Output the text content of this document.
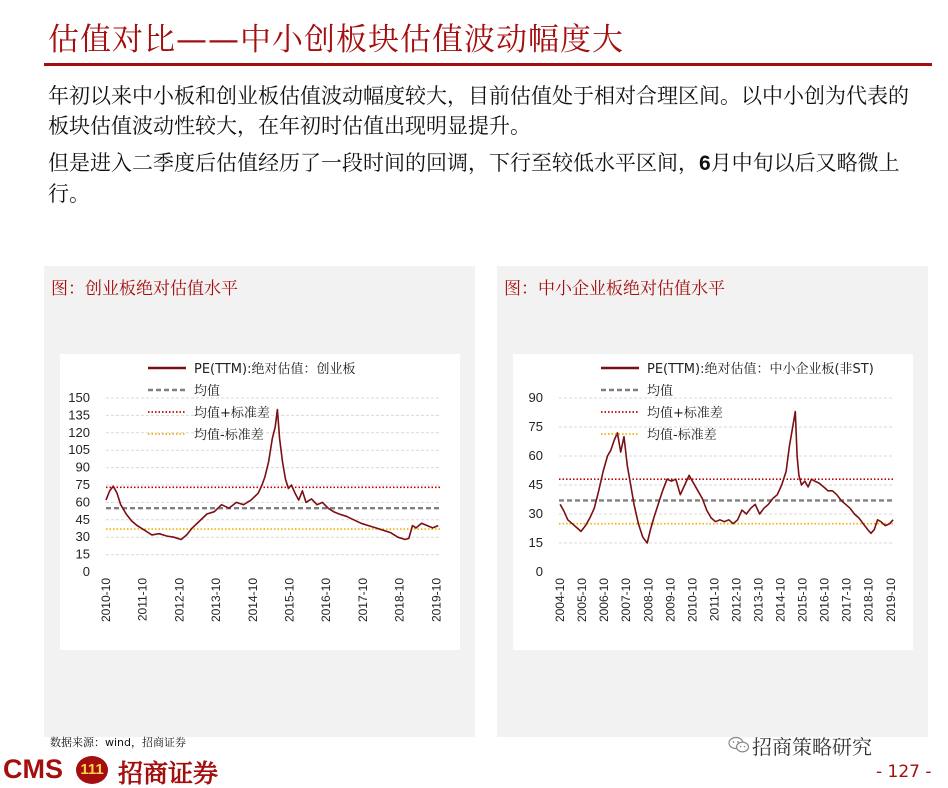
估值对比——中小创板块估值波动幅度大
年初以来中小板和创业板估值波动幅度较大，目前估值处于相对合理区间。以中小创为代表的板块估值波动性较大，在年初时估值出现明显提升。
但是进入二季度后估值经历了一段时间的回调，下行至较低水平区间，6月中旬以后又略微上行。
图：创业板绝对估值水平
0
15
30
45
60
75
90
105
120
135
150
2010-10 2011-10 2012-10 2013-10 2014-10 2015-10 2016-10 2017-10 2018-10 2019-10
PE(TTM):绝对估值：创业板
均值
均值+标准差
均值-标准差
图：中小企业板绝对估值水平
0
15
30
45
60
75
90
2004-10 2005-10 2006-10 2007-10 2008-10 2009-10 2010-10 2011-10 2012-10 2013-10 2014-10 2015-10 2016-10 2017-10 2018-10 2019-10
PE(TTM):绝对估值：中小企业板(非ST)
均值
均值+标准差
均值-标准差
数据来源：wind，招商证券
CMS 111 招商证券
招商策略研究
- 127 -
